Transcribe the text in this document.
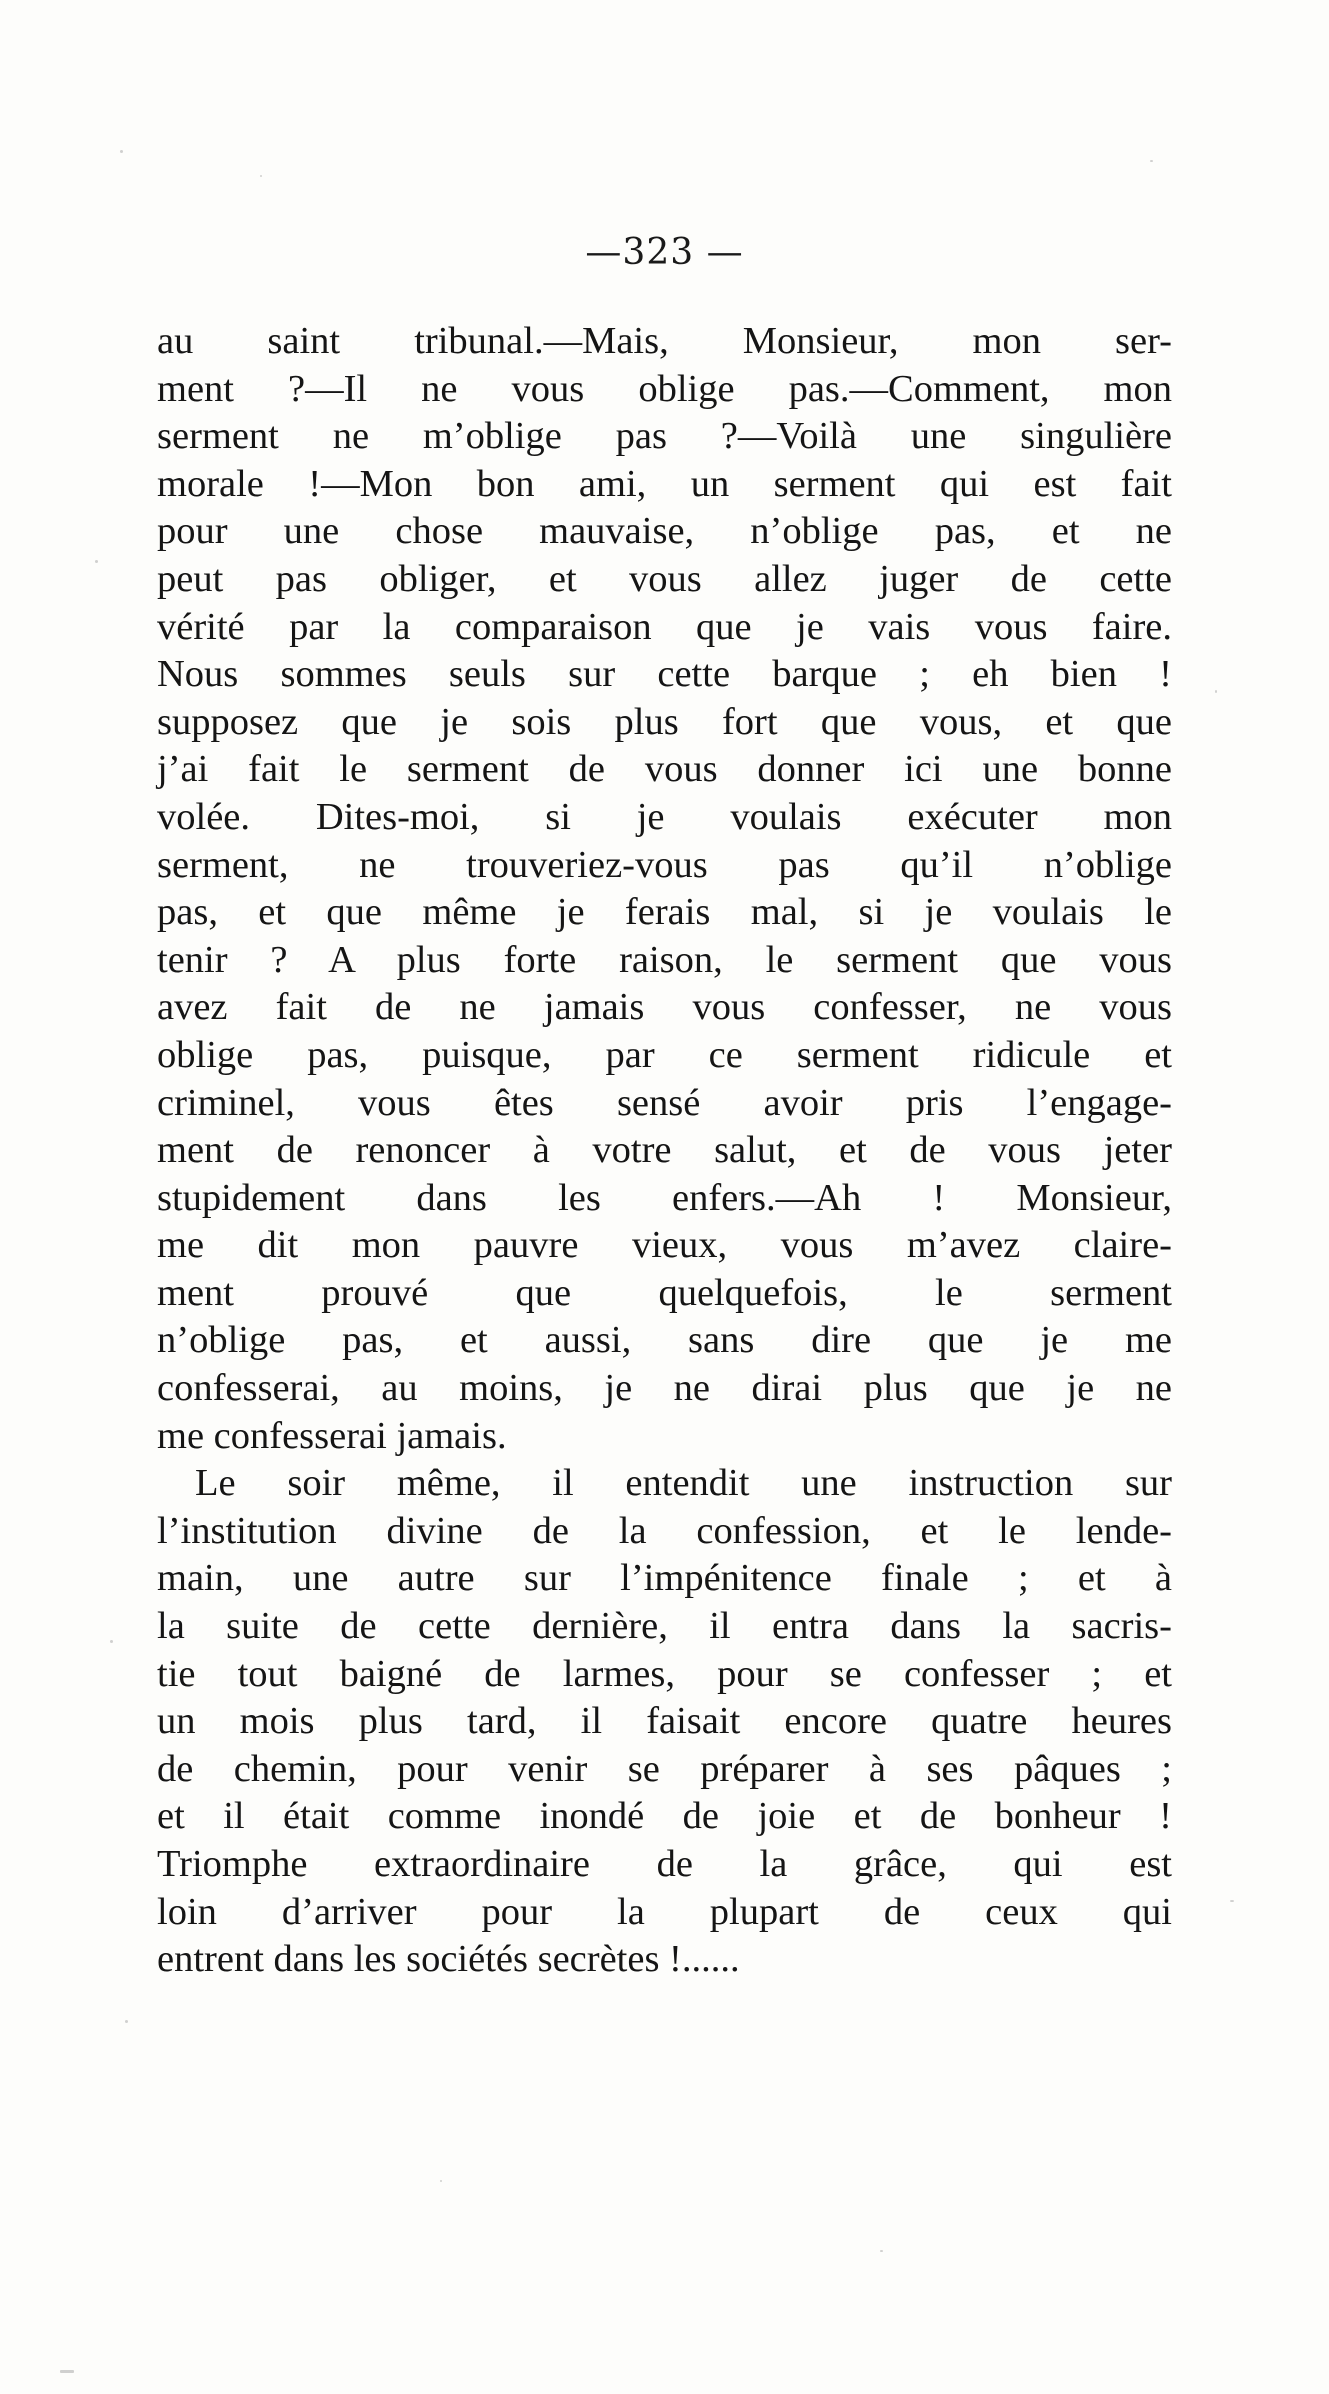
—323 —
au saint tribunal.—Mais, Monsieur, mon ser-
ment ?—Il ne vous oblige pas.—Comment, mon
serment ne m’oblige pas ?—Voilà une singulière
morale !—Mon bon ami, un serment qui est fait
pour une chose mauvaise, n’oblige pas, et ne
peut pas obliger, et vous allez juger de cette
vérité par la comparaison que je vais vous faire.
Nous sommes seuls sur cette barque ; eh bien !
supposez que je sois plus fort que vous, et que
j’ai fait le serment de vous donner ici une bonne
volée. Dites-moi, si je voulais exécuter mon
serment, ne trouveriez-vous pas qu’il n’oblige
pas, et que même je ferais mal, si je voulais le
tenir ? A plus forte raison, le serment que vous
avez fait de ne jamais vous confesser, ne vous
oblige pas, puisque, par ce serment ridicule et
criminel, vous êtes sensé avoir pris l’engage-
ment de renoncer à votre salut, et de vous jeter
stupidement dans les enfers.—Ah ! Monsieur,
me dit mon pauvre vieux, vous m’avez claire-
ment prouvé que quelquefois, le serment
n’oblige pas, et aussi, sans dire que je me
confesserai, au moins, je ne dirai plus que je ne
me confesserai jamais.
Le soir même, il entendit une instruction sur
l’institution divine de la confession, et le lende-
main, une autre sur l’impénitence finale ; et à
la suite de cette dernière, il entra dans la sacris-
tie tout baigné de larmes, pour se confesser ; et
un mois plus tard, il faisait encore quatre heures
de chemin, pour venir se préparer à ses pâques ;
et il était comme inondé de joie et de bonheur !
Triomphe extraordinaire de la grâce, qui est
loin d’arriver pour la plupart de ceux qui
entrent dans les sociétés secrètes !......
